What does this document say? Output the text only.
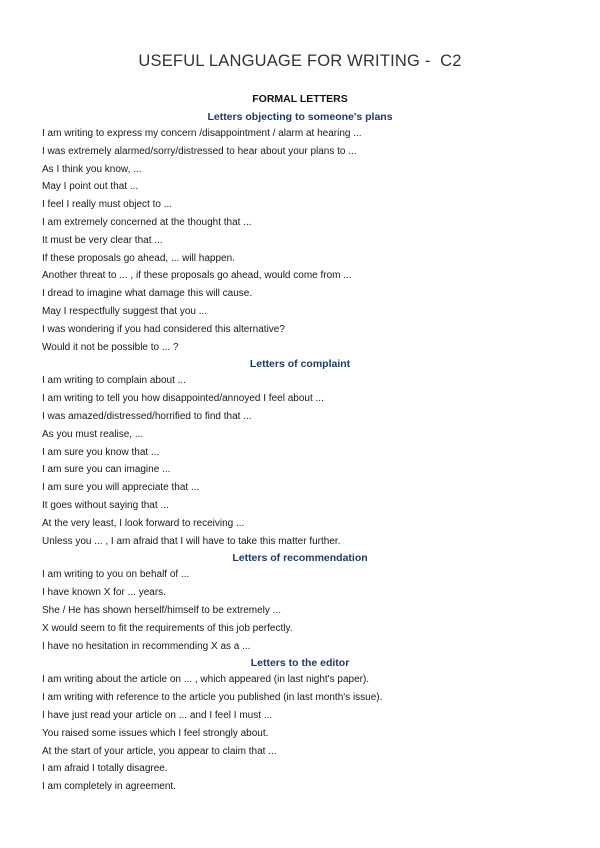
USEFUL LANGUAGE FOR WRITING -  C2
FORMAL LETTERS
Letters objecting to someone's plans
I am writing to express my concern /disappointment / alarm at hearing ...
I was extremely alarmed/sorry/distressed to hear about your plans to ...
As I think you know, ...
May I point out that ...
I feel I really must object to ...
I am extremely concerned at the thought that ...
It must be very clear that ...
If these proposals go ahead, ... will happen.
Another threat to ... , if these proposals go ahead, would come from ...
I dread to imagine what damage this will cause.
May I respectfully suggest that you ...
I was wondering if you had considered this alternative?
Would it not be possible to ... ?
Letters of complaint
I am writing to complain about ...
I am writing to tell you how disappointed/annoyed I feel about ...
I was amazed/distressed/horrified to find that ...
As you must realise, ...
I am sure you know that ...
I am sure you can imagine ...
I am sure you will appreciate that ...
It goes without saying that ...
At the very least, I look forward to receiving ...
Unless you ... , I am afraid that I will have to take this matter further.
Letters of recommendation
I am writing to you on behalf of ...
I have known X for ... years.
She / He has shown herself/himself to be extremely ...
X would seem to fit the requirements of this job perfectly.
I have no hesitation in recommending X as a ...
Letters to the editor
I am writing about the article on ... , which appeared (in last night's paper).
I am writing with reference to the article you published (in last month's issue).
I have just read your article on ... and I feel I must ...
You raised some issues which I feel strongly about.
At the start of your article, you appear to claim that ...
I am afraid I totally disagree.
I am completely in agreement.
